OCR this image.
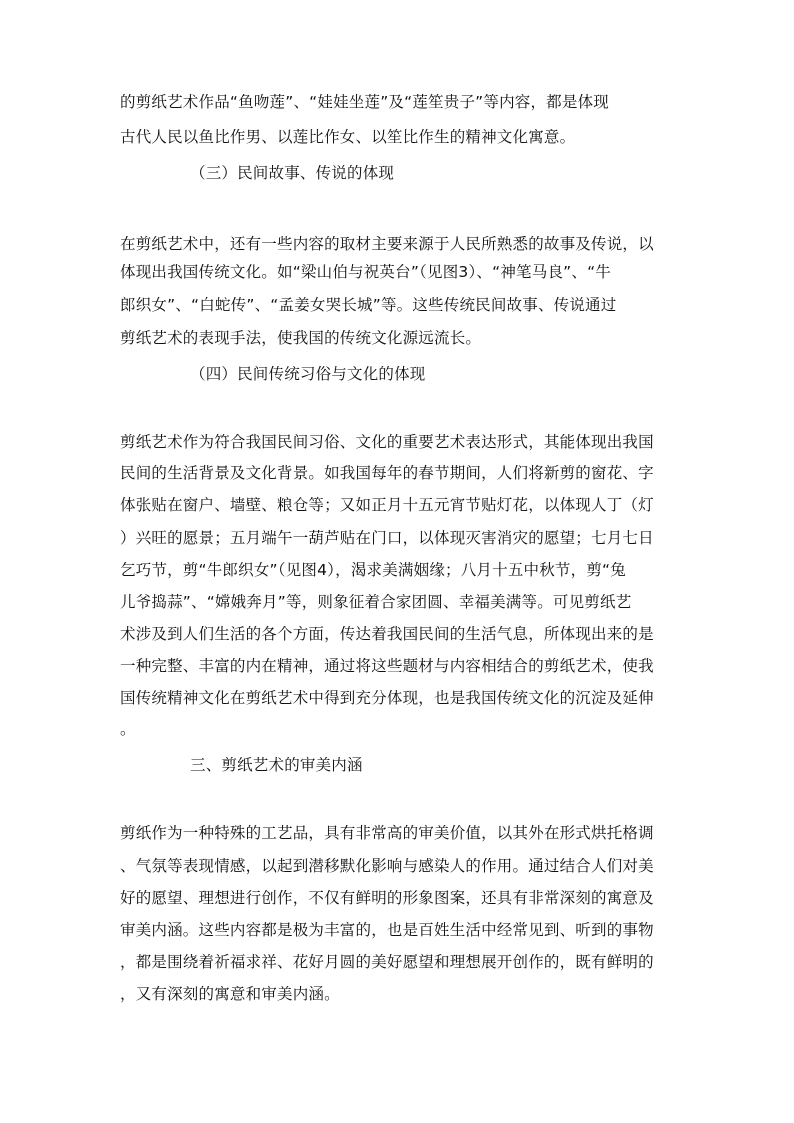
的剪纸艺术作品“鱼吻莲”、“娃娃坐莲”及“莲笙贵子”等内容，都是体现
古代人民以鱼比作男、以莲比作女、以笙比作生的精神文化寓意。
（三）民间故事、传说的体现
在剪纸艺术中，还有一些内容的取材主要来源于人民所熟悉的故事及传说，以
体现出我国传统文化。如“梁山伯与祝英台”（见图3）、“神笔马良”、“牛
郎织女”、“白蛇传”、“孟姜女哭长城”等。这些传统民间故事、传说通过
剪纸艺术的表现手法，使我国的传统文化源远流长。
（四）民间传统习俗与文化的体现
剪纸艺术作为符合我国民间习俗、文化的重要艺术表达形式，其能体现出我国
民间的生活背景及文化背景。如我国每年的春节期间，人们将新剪的窗花、字
体张贴在窗户、墙壁、粮仓等；又如正月十五元宵节贴灯花，以体现人丁（灯
）兴旺的愿景；五月端午一葫芦贴在门口，以体现灭害消灾的愿望；七月七日
乞巧节，剪“牛郎织女”（见图4），渴求美满姻缘；八月十五中秋节，剪“兔
儿爷捣蒜”、“嫦娥奔月”等，则象征着合家团圆、幸福美满等。可见剪纸艺
术涉及到人们生活的各个方面，传达着我国民间的生活气息，所体现出来的是
一种完整、丰富的内在精神，通过将这些题材与内容相结合的剪纸艺术，使我
国传统精神文化在剪纸艺术中得到充分体现，也是我国传统文化的沉淀及延伸
。
三、剪纸艺术的审美内涵
剪纸作为一种特殊的工艺品，具有非常高的审美价值，以其外在形式烘托格调
、气氛等表现情感，以起到潜移默化影响与感染人的作用。通过结合人们对美
好的愿望、理想进行创作，不仅有鲜明的形象图案，还具有非常深刻的寓意及
审美内涵。这些内容都是极为丰富的，也是百姓生活中经常见到、听到的事物
，都是围绕着祈福求祥、花好月圆的美好愿望和理想展开创作的，既有鲜明的
，又有深刻的寓意和审美内涵。
